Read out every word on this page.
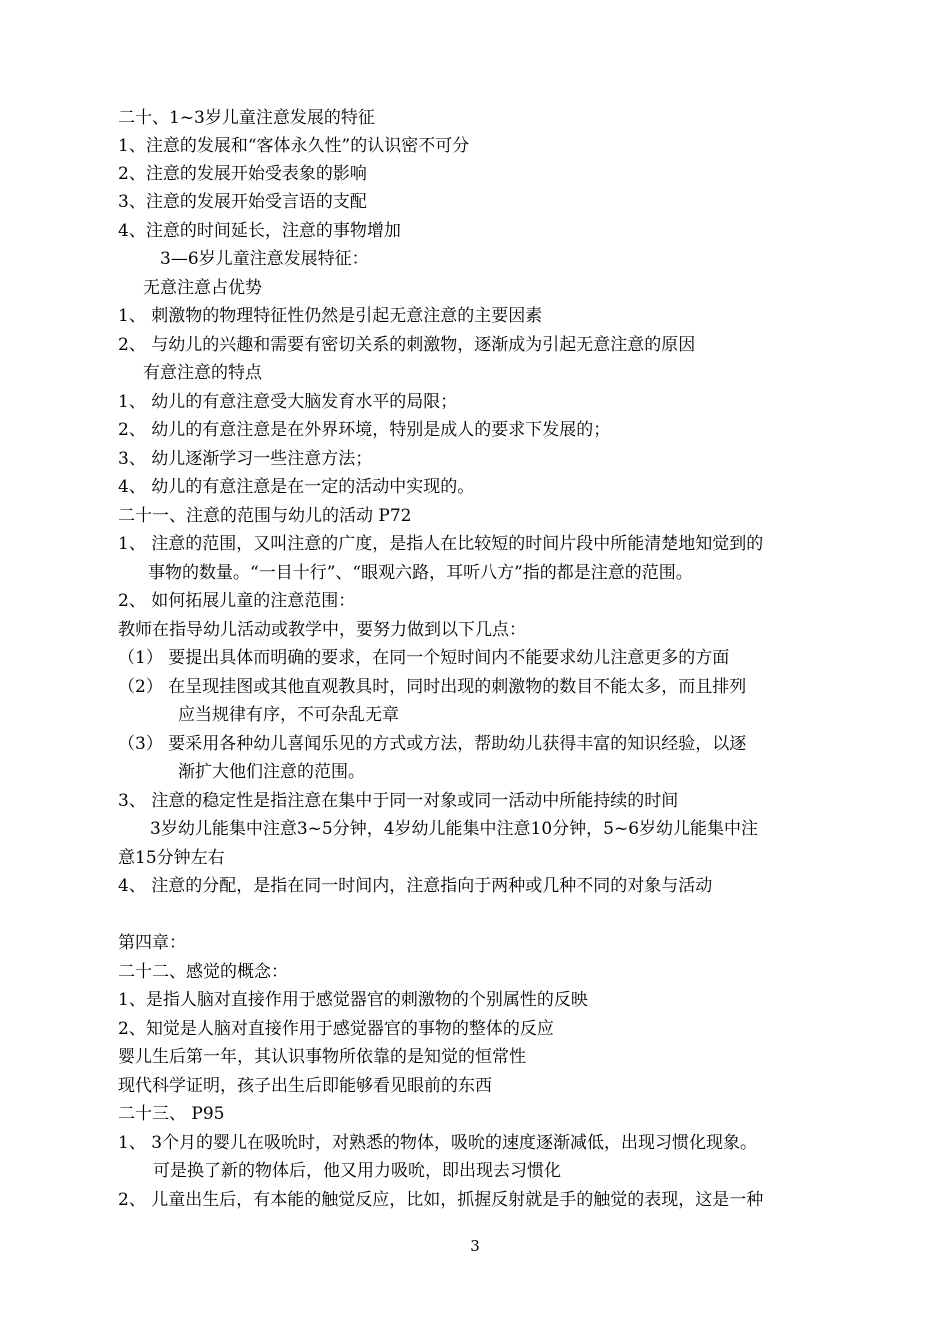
二十、1~3岁儿童注意发展的特征
1、注意的发展和“客体永久性”的认识密不可分
2、注意的发展开始受表象的影响
3、注意的发展开始受言语的支配
4、注意的时间延长，注意的事物增加
3—6岁儿童注意发展特征：
无意注意占优势
1、 刺激物的物理特征性仍然是引起无意注意的主要因素
2、 与幼儿的兴趣和需要有密切关系的刺激物，逐渐成为引起无意注意的原因
有意注意的特点
1、 幼儿的有意注意受大脑发育水平的局限；
2、 幼儿的有意注意是在外界环境，特别是成人的要求下发展的；
3、 幼儿逐渐学习一些注意方法；
4、 幼儿的有意注意是在一定的活动中实现的。
二十一、注意的范围与幼儿的活动 P72
1、 注意的范围，又叫注意的广度，是指人在比较短的时间片段中所能清楚地知觉到的
事物的数量。“一目十行”、“眼观六路，耳听八方”指的都是注意的范围。
2、 如何拓展儿童的注意范围：
教师在指导幼儿活动或教学中，要努力做到以下几点：
（1） 要提出具体而明确的要求，在同一个短时间内不能要求幼儿注意更多的方面
（2） 在呈现挂图或其他直观教具时，同时出现的刺激物的数目不能太多，而且排列
应当规律有序，不可杂乱无章
（3） 要采用各种幼儿喜闻乐见的方式或方法，帮助幼儿获得丰富的知识经验，以逐
渐扩大他们注意的范围。
3、 注意的稳定性是指注意在集中于同一对象或同一活动中所能持续的时间
3岁幼儿能集中注意3~5分钟，4岁幼儿能集中注意10分钟，5~6岁幼儿能集中注
意15分钟左右
4、 注意的分配，是指在同一时间内，注意指向于两种或几种不同的对象与活动
第四章：
二十二、感觉的概念：
1、是指人脑对直接作用于感觉器官的刺激物的个别属性的反映
2、知觉是人脑对直接作用于感觉器官的事物的整体的反应
婴儿生后第一年，其认识事物所依靠的是知觉的恒常性
现代科学证明，孩子出生后即能够看见眼前的东西
二十三、 P95
1、 3个月的婴儿在吸吮时，对熟悉的物体，吸吮的速度逐渐减低，出现习惯化现象。
可是换了新的物体后，他又用力吸吮，即出现去习惯化
2、 儿童出生后，有本能的触觉反应，比如，抓握反射就是手的触觉的表现，这是一种
3
